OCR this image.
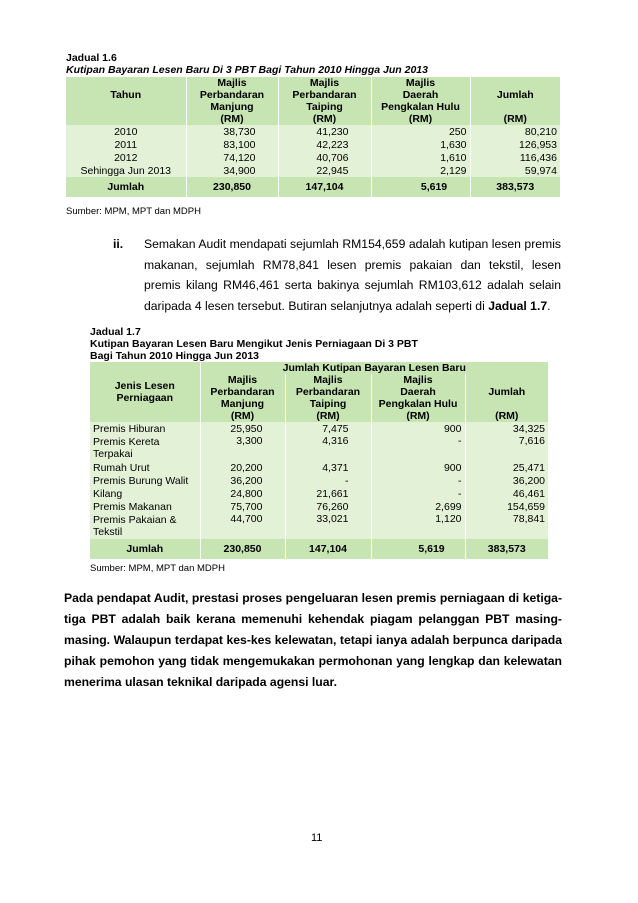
Jadual 1.6
Kutipan Bayaran Lesen Baru Di 3 PBT Bagi Tahun 2010 Hingga Jun 2013
Tahun	Majlis	Majlis	Majlis	Jumlah
	Perbandaran	Perbandaran	Daerah	
	Manjung	Taiping	Pengkalan Hulu	
	(RM)	(RM)	(RM)	(RM)
2010	38,730	41,230	250	80,210
2011	83,100	42,223	1,630	126,953
2012	74,120	40,706	1,610	116,436
Sehingga Jun 2013	34,900	22,945	2,129	59,974
Jumlah	230,850	147,104	5,619	383,573
Sumber: MPM, MPT dan MDPH
ii. Semakan Audit mendapati sejumlah RM154,659 adalah kutipan lesen premis makanan, sejumlah RM78,841 lesen premis pakaian dan tekstil, lesen premis kilang RM46,461 serta bakinya sejumlah RM103,612 adalah selain daripada 4 lesen tersebut. Butiran selanjutnya adalah seperti di Jadual 1.7.
Jadual 1.7
Kutipan Bayaran Lesen Baru Mengikut Jenis Perniagaan Di 3 PBT
Bagi Tahun 2010 Hingga Jun 2013
Jenis Lesen
Perniagaan	Jumlah Kutipan Bayaran Lesen Baru			
	Majlis	Majlis	Majlis	Jumlah
	Perbandaran	Perbandaran	Daerah	
	Manjung	Taiping	Pengkalan Hulu	
	(RM)	(RM)	(RM)	(RM)
Premis Hiburan	25,950	7,475	900	34,325
Premis Kereta Terpakai	3,300	4,316	-	7,616
Rumah Urut	20,200	4,371	900	25,471
Premis Burung Walit	36,200	-	-	36,200
Kilang	24,800	21,661	-	46,461
Premis Makanan	75,700	76,260	2,699	154,659
Premis Pakaian & Tekstil	44,700	33,021	1,120	78,841
Jumlah	230,850	147,104	5,619	383,573
Sumber: MPM, MPT dan MDPH
Pada pendapat Audit, prestasi proses pengeluaran lesen premis perniagaan di ketiga-tiga PBT adalah baik kerana memenuhi kehendak piagam pelanggan PBT masing-masing. Walaupun terdapat kes-kes kelewatan, tetapi ianya adalah berpunca daripada pihak pemohon yang tidak mengemukakan permohonan yang lengkap dan kelewatan menerima ulasan teknikal daripada agensi luar.
11
